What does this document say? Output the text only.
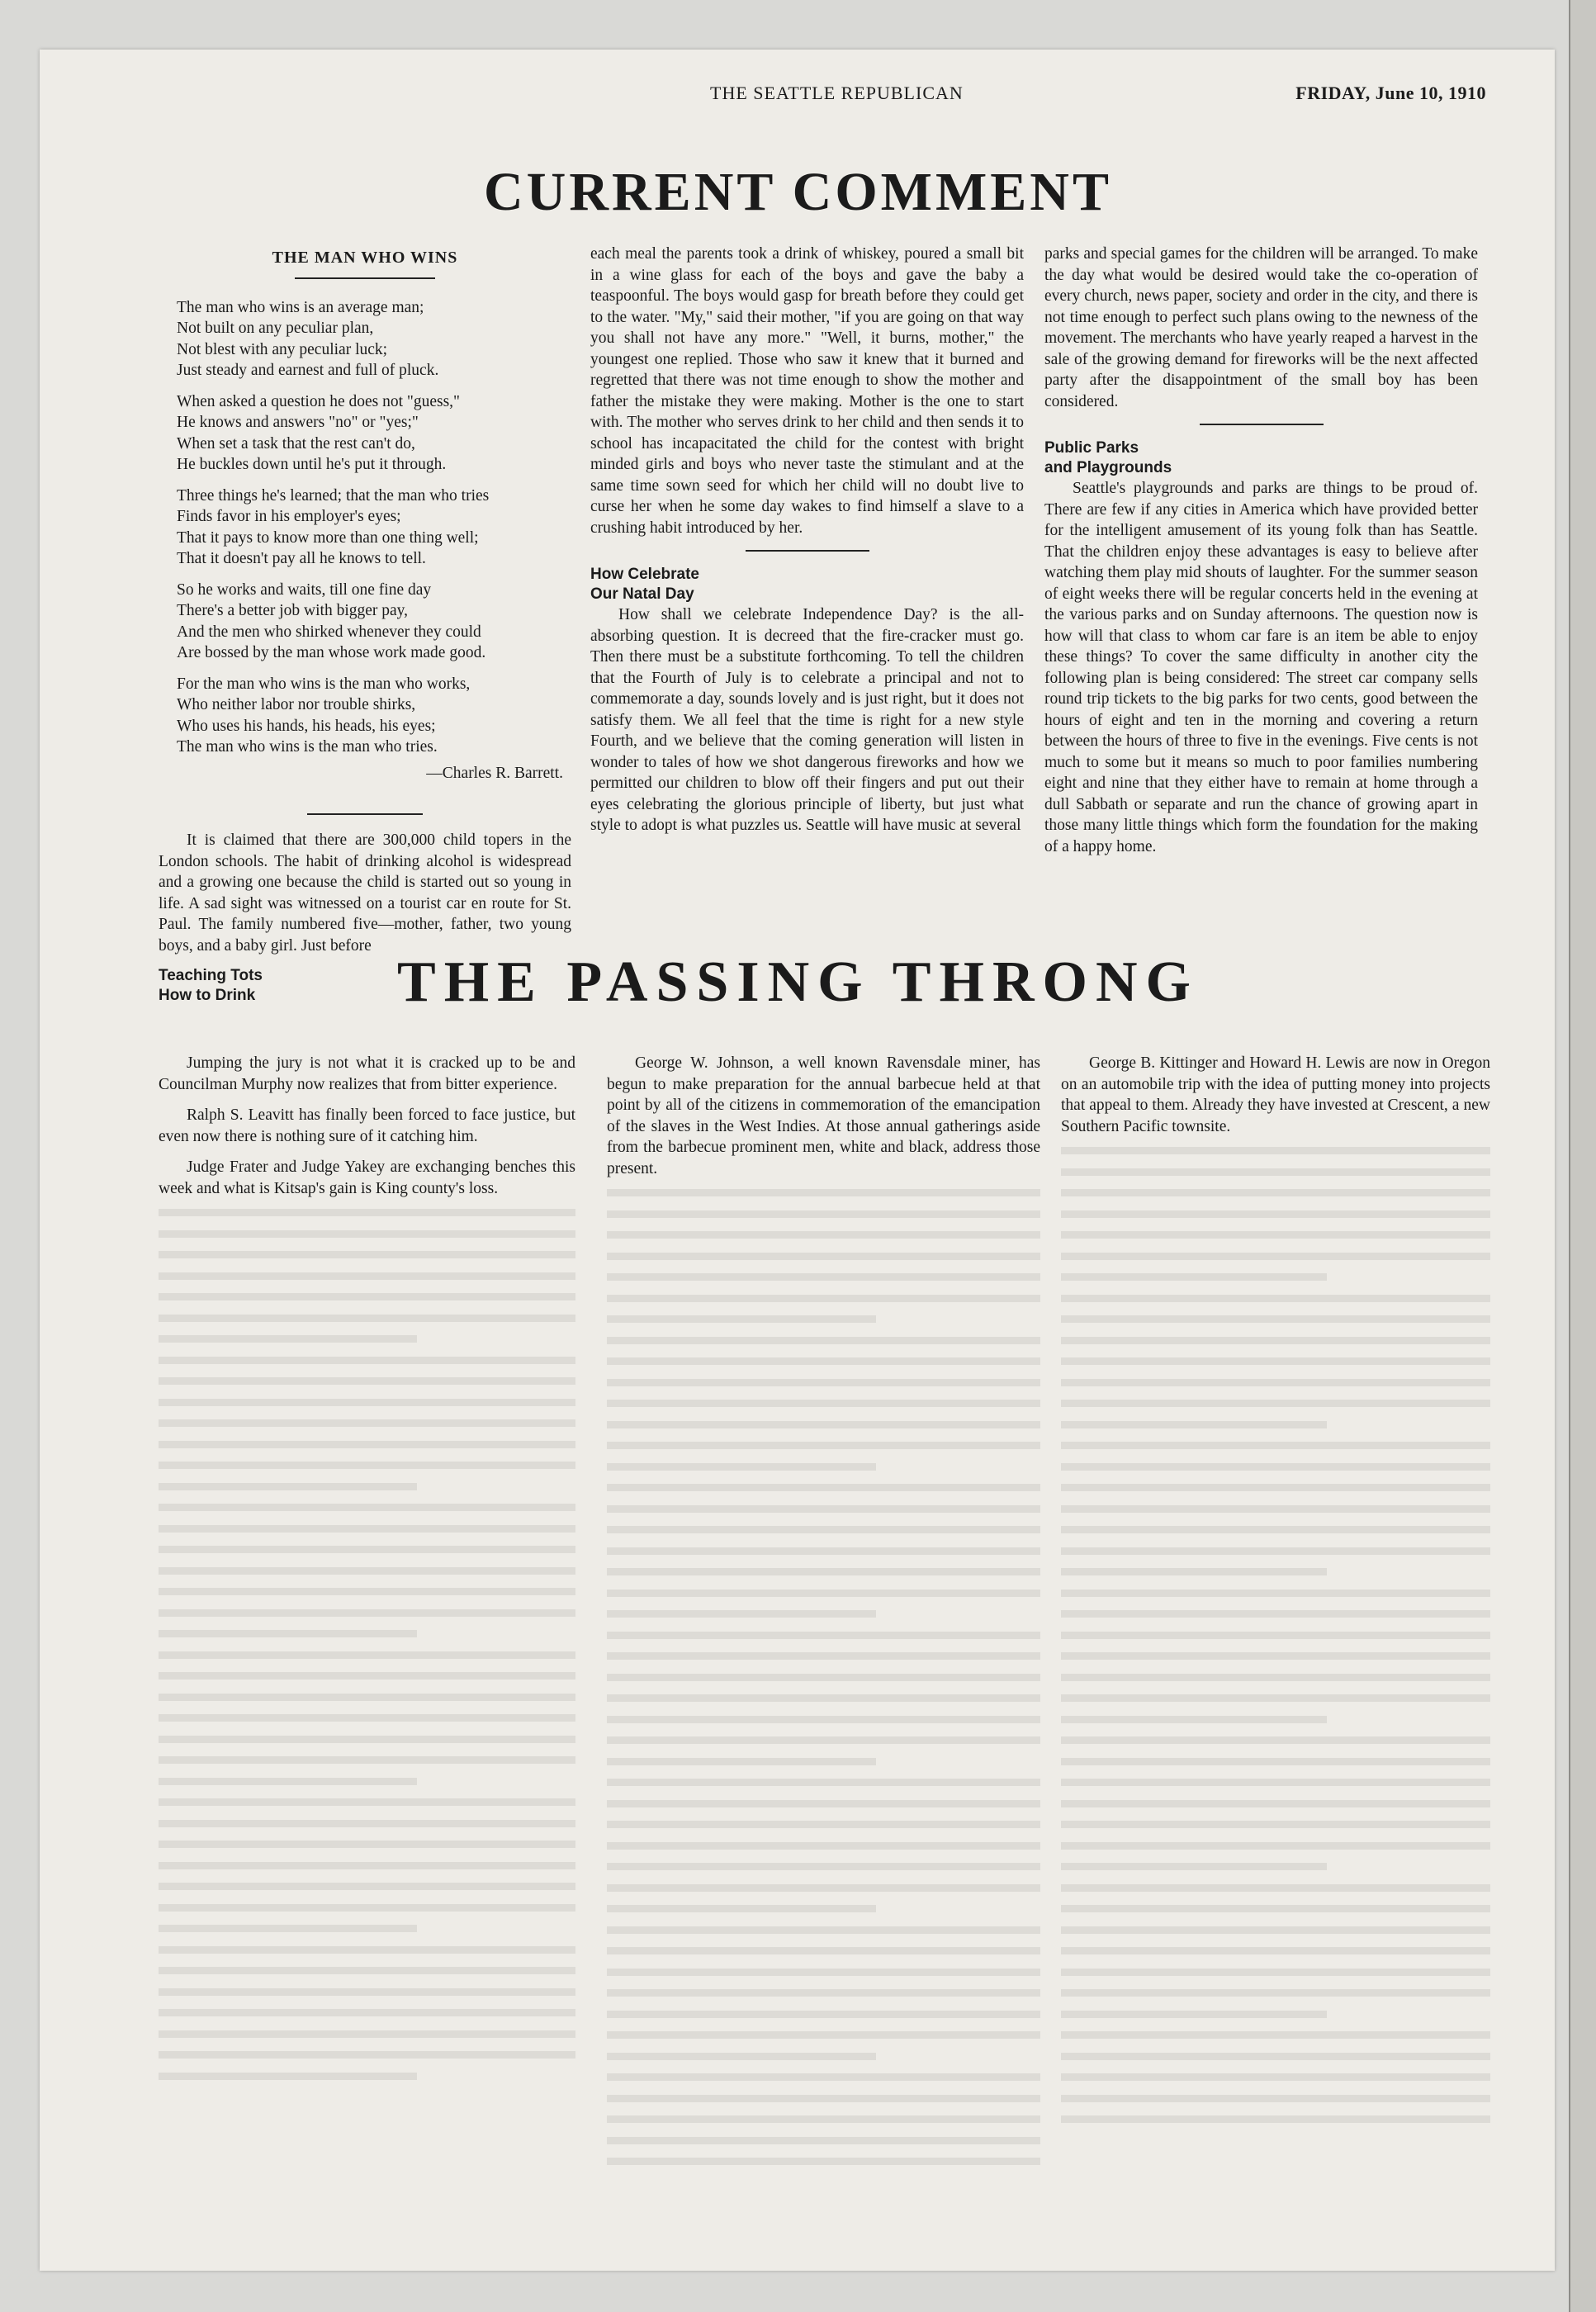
THE SEATTLE REPUBLICAN	FRIDAY, June 10, 1910
CURRENT COMMENT
THE MAN WHO WINS
The man who wins is an average man;
Not built on any peculiar plan,
Not blest with any peculiar luck;
Just steady and earnest and full of pluck.
When asked a question he does not "guess,"
He knows and answers "no" or "yes;"
When set a task that the rest can't do,
He buckles down until he's put it through.
Three things he's learned; that the man who tries
Finds favor in his employer's eyes;
That it pays to know more than one thing well;
That it doesn't pay all he knows to tell.
So he works and waits, till one fine day
There's a better job with bigger pay,
And the men who shirked whenever they could
Are bossed by the man whose work made good.
For the man who wins is the man who works,
Who neither labor nor trouble shirks,
Who uses his hands, his heads, his eyes;
The man who wins is the man who tries.
—Charles R. Barrett.

It is claimed that there are 300,000 child topers in the London schools. The habit of drinking alcohol is widespread and a growing one because the child is started out so young in life. A sad sight was witnessed on a tourist car en route for St. Paul. The family numbered five—mother, father, two young boys, and a baby girl. Just before

Teaching Tots
How to Drink

each meal the parents took a drink of whiskey, poured a small bit in a wine glass for each of the boys and gave the baby a teaspoonful. The boys would gasp for breath before they could get to the water. "My," said their mother, "if you are going on that way you shall not have any more." "Well, it burns, mother," the youngest one replied. Those who saw it knew that it burned and regretted that there was not time enough to show the mother and father the mistake they were making. Mother is the one to start with. The mother who serves drink to her child and then sends it to school has incapacitated the child for the contest with bright minded girls and boys who never taste the stimulant and at the same time sown seed for which her child will no doubt live to curse her when he some day wakes to find himself a slave to a crushing habit introduced by her.

How Celebrate
Our Natal Day

How shall we celebrate Independence Day? is the all-absorbing question. It is decreed that the fire-cracker must go. Then there must be a substitute forthcoming. To tell the children that the Fourth of July is to celebrate a principal and not to commemorate a day, sounds lovely and is just right, but it does not satisfy them. We all feel that the time is right for a new style Fourth, and we believe that the coming generation will listen in wonder to tales of how we shot dangerous fireworks and how we permitted our children to blow off their fingers and put out their eyes celebrating the glorious principle of liberty, but just what style to adopt is what puzzles us. Seattle will have music at several

parks and special games for the children will be arranged. To make the day what would be desired would take the co-operation of every church, news paper, society and order in the city, and there is not time enough to perfect such plans owing to the newness of the movement. The merchants who have yearly reaped a harvest in the sale of the growing demand for fireworks will be the next affected party after the disappointment of the small boy has been considered.

Public Parks
and Playgrounds

Seattle's playgrounds and parks are things to be proud of. There are few if any cities in America which have provided better for the intelligent amusement of its young folk than has Seattle. That the children enjoy these advantages is easy to believe after watching them play mid shouts of laughter. For the summer season of eight weeks there will be regular concerts held in the evening at the various parks and on Sunday afternoons. The question now is how will that class to whom car fare is an item be able to enjoy these things? To cover the same difficulty in another city the following plan is being considered: The street car company sells round trip tickets to the big parks for two cents, good between the hours of eight and ten in the morning and covering a return between the hours of three to five in the evenings. Five cents is not much to some but it means so much to poor families numbering eight and nine that they either have to remain at home through a dull Sabbath or separate and run the chance of growing apart in those many little things which form the foundation for the making of a happy home.

THE PASSING THRONG

Jumping the jury is not what it is cracked up to be and Councilman Murphy now realizes that from bitter experience.

Ralph S. Leavitt has finally been forced to face justice, but even now there is nothing sure of it catching him.

Judge Frater and Judge Yakey are exchanging benches this week and what is Kitsap's gain is King county's loss.

George W. Johnson, a well known Ravensdale miner, has begun to make preparation for the annual barbecue held at that point by all of the citizens in commemoration of the emancipation of the slaves in the West Indies. At those annual gatherings aside from the barbecue prominent men, white and black, address those present.

George B. Kittinger and Howard H. Lewis are now in Oregon on an automobile trip with the idea of putting money into projects that appeal to them. Already they have invested at Crescent, a new Southern Pacific townsite.
